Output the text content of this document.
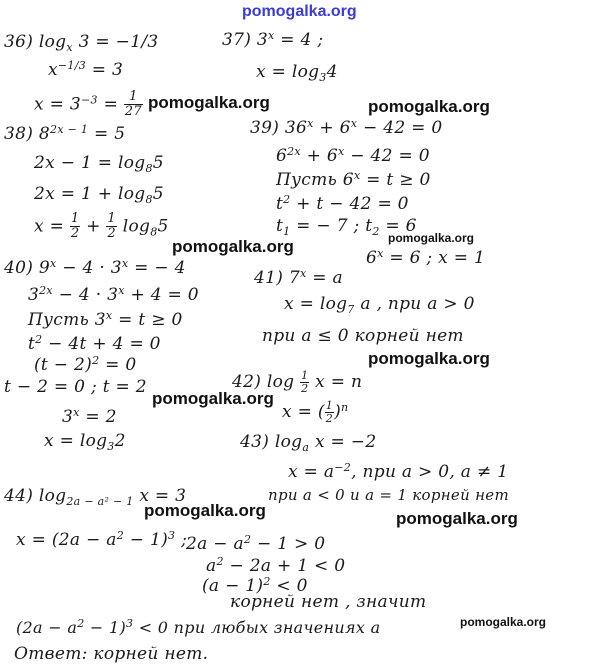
pomogalka.org
36) $\log_x 3 = -1/3$
$x^{-1/3} = 3$
$x = 3^{-3} = \frac{1}{27}$
37) $3^x = 4$ ;
$x = \log_34$
38) $8^{2x - 1} = 5$
$2x - 1 = \log_85$
$2x = 1 + \log_85$
$x = \frac{1}{2} + \frac{1}{2} \log_85$
39) $36^x + 6^x - 42 = 0$
$6^{2x} + 6^x - 42 = 0$
Пусть $6^x = t \ge 0$
$t^2 + t - 42 = 0$
$t_1$ = − 7 ; $t_2 = 6$
$6^x = 6$ ; x = 1
40) $9^x - 4 \cdot 3^x$ = − 4
$3^{2x} - 4 \cdot 3^x + 4 = 0$
Пусть $3^x = t \ge 0$
$t^2 - 4t + 4 = 0$
$(t - 2)^2 = 0$
t − 2 = 0 ; t = 2
$3^x = 2$
$x = \log_32$
41) $7^x = a$
$x = \log_7 a$ , при a > 0
при a ≤ 0 корней нет
42) $\log \frac{1}{2}$ x = n
x = ( $\frac{1}{2} )^n$
43) $\log_a x = -2$
$x = a^{-2}$, при a > 0, a ≠ 1
при a < 0 и a = 1 корней нет
44) $\log_{2a - a^2 - 1} x = 3$
$x = (2a - a^2 - 1)^3$ ;
$2a - a^2 - 1 > 0$
$a^2 - 2a + 1 < 0$
$(a - 1)^2 < 0$
корней нет , значит
$(2a - a^2 - 1)^3 < 0$ при любых значениях a
Ответ: корней нет.
pomogalka.org	pomogalka.org
pomogalka.org	pomogalka.org
pomogalka.org
pomogalka.org
pomogalka.org	pomogalka.org
pomogalka.org
